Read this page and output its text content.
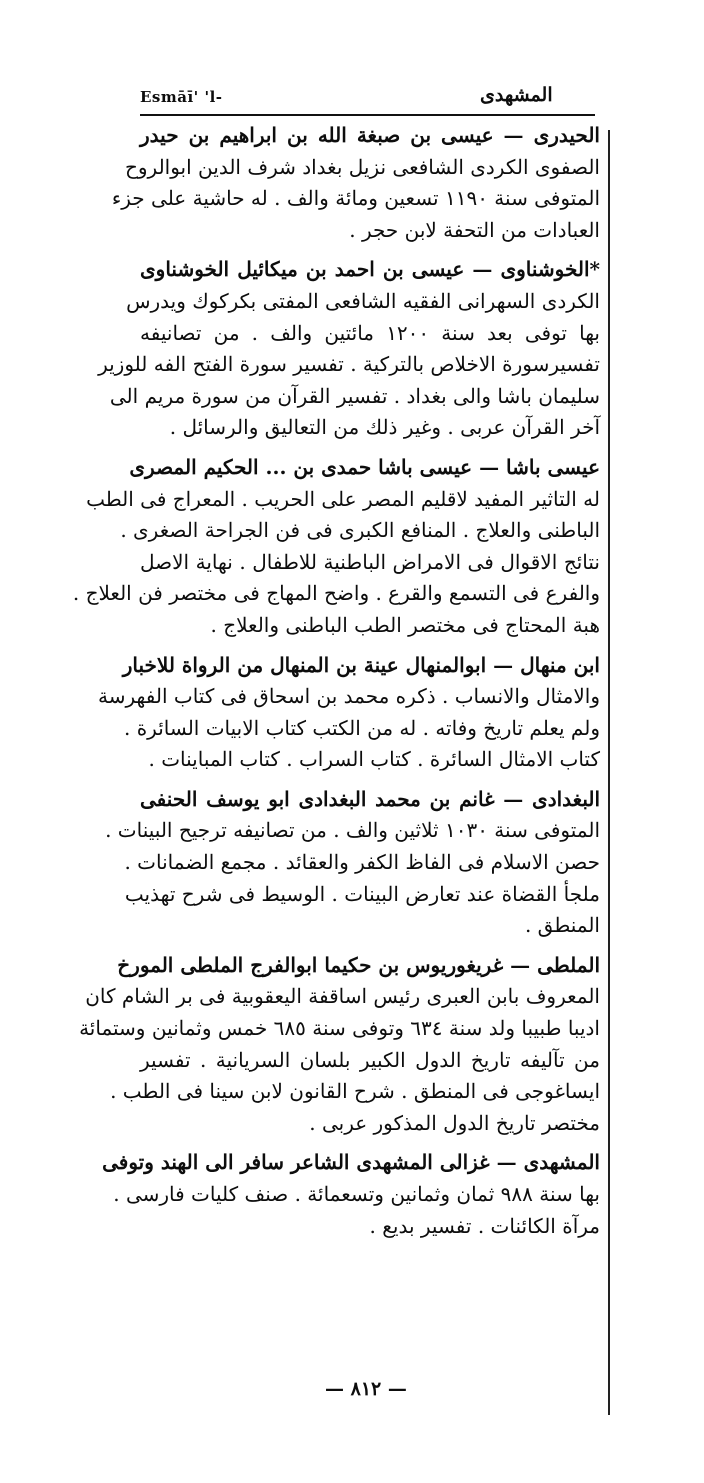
Esmāī' 'l-	المشهدى
الحيدرى — عيسى بن صبغة الله بن ابراهيم بن حيدر
الصفوى الكردى الشافعى نزيل بغداد شرف الدين ابوالروح
المتوفى سنة ١١٩٠ تسعين ومائة والف . له حاشية على جزء
العبادات من التحفة لابن حجر .
*الخوشناوى — عيسى بن احمد بن ميكائيل الخوشناوى
الكردى السهرانى الفقيه الشافعى المفتى بكركوك ويدرس
بها توفى بعد سنة ١٢٠٠ مائتين والف . من تصانيفه
تفسيرسورة الاخلاص بالتركية . تفسير سورة الفتح الفه للوزير
سليمان باشا والى بغداد . تفسير القرآن من سورة مريم الى
آخر القرآن عربى . وغير ذلك من التعاليق والرسائل .
عيسى باشا — عيسى باشا حمدى بن ... الحكيم المصرى
له التاثير المفيد لاقليم المصر على الحريب . المعراج فى الطب
الباطنى والعلاج . المنافع الكبرى فى فن الجراحة الصغرى .
نتائج الاقوال فى الامراض الباطنية للاطفال . نهاية الاصل
والفرع فى التسمع والقرع . واضح المهاج فى مختصر فن العلاج .
هبة المحتاج فى مختصر الطب الباطنى والعلاج .
ابن منهال — ابوالمنهال عينة بن المنهال من الرواة للاخبار
والامثال والانساب . ذكره محمد بن اسحاق فى كتاب الفهرسة
ولم يعلم تاريخ وفاته . له من الكتب كتاب الابيات السائرة .
كتاب الامثال السائرة . كتاب السراب . كتاب المباينات .
البغدادى — غانم بن محمد البغدادى ابو يوسف الحنفى
المتوفى سنة ١٠٣٠ ثلاثين والف . من تصانيفه ترجيح البينات .
حصن الاسلام فى الفاظ الكفر والعقائد . مجمع الضمانات .
ملجأ القضاة عند تعارض البينات . الوسيط فى شرح تهذيب
المنطق .
الملطى — غريغوريوس بن حكيما ابوالفرج الملطى المورخ
المعروف بابن العبرى رئيس اساقفة اليعقوبية فى بر الشام كان
اديبا طبيبا ولد سنة ٦٣٤ وتوفى سنة ٦٨٥ خمس وثمانين وستمائة
من تآليفه تاريخ الدول الكبير بلسان السريانية . تفسير
ايساغوجى فى المنطق . شرح القانون لابن سينا فى الطب .
مختصر تاريخ الدول المذكور عربى .
المشهدى — غزالى المشهدى الشاعر سافر الى الهند وتوفى
بها سنة ٩٨٨ ثمان وثمانين وتسعمائة . صنف كليات فارسى .
مرآة الكائنات . تفسير بديع .
— ٨١٢ —
